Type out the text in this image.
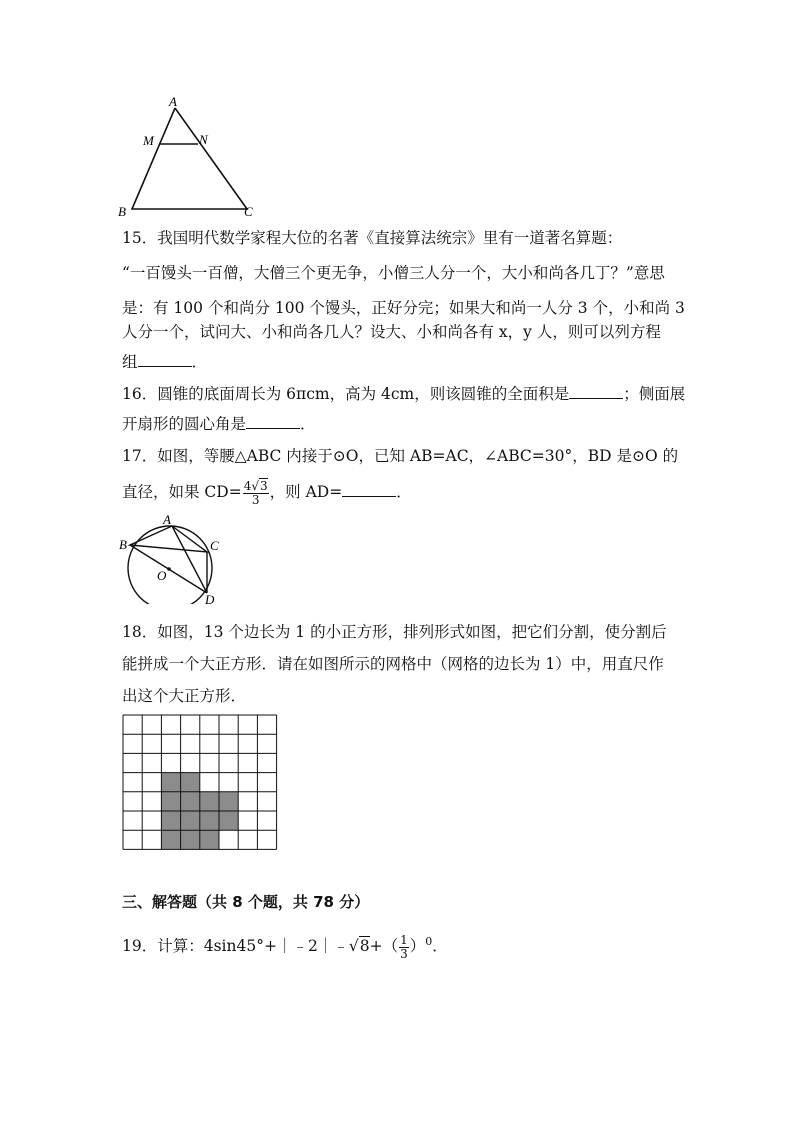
A
M	N
B	C
15．我国明代数学家程大位的名著《直接算法统宗》里有一道著名算题：
“一百馒头一百僧，大僧三个更无争，小僧三人分一个，大小和尚各几丁？”意思
是：有 100 个和尚分 100 个馒头，正好分完；如果大和尚一人分 3 个，小和尚 3
人分一个，试问大、小和尚各几人？设大、小和尚各有 x，y 人，则可以列方程
组	．
16．圆锥的底面周长为 6πcm，高为 4cm，则该圆锥的全面积是	；侧面展
开扇形的圆心角是	．
17．如图，等腰△ABC 内接于⊙O，已知 AB=AC，∠ABC=30°，BD 是⊙O 的
直径，如果 $CD= \frac{4√3}{3}$ ，则 AD=	．
A
B	C
O
D
18．如图，13 个边长为 1 的小正方形，排列形式如图，把它们分割，使分割后
能拼成一个大正方形．请在如图所示的网格中（网格的边长为 1）中，用直尺作
出这个大正方形．
三、解答题（共 8 个题，共 78 分）
19．计算：4sin45°+｜﹣2｜﹣√8+（ $\frac{1}{3} )^0$．
